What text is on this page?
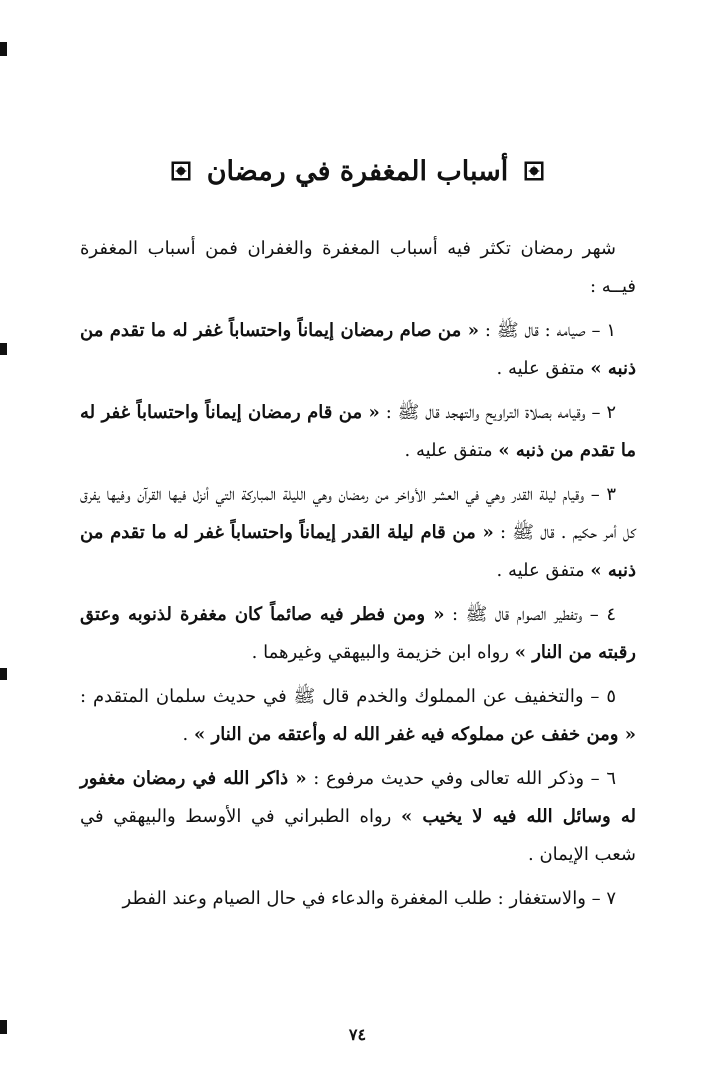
أسباب المغفرة في رمضان

شهر رمضان تكثر فيه أسباب المغفرة والغفران فمن أسباب المغفرة فيــه :

١ – صيامه : قال ﷺ : « من صام رمضان إيماناً واحتساباً غفر له ما تقدم من ذنبه » متفق عليه .

٢ – وقيامه بصلاة التراويح والتهجد قال ﷺ : « من قام رمضان إيماناً واحتساباً غفر له ما تقدم من ذنبه » متفق عليه .

٣ – وقيام ليلة القدر وهي في العشر الأواخر من رمضان وهي الليلة المباركة التي أنزل فيها القرآن وفيها يفرق كل أمر حكيم . قال ﷺ : « من قام ليلة القدر إيماناً واحتساباً غفر له ما تقدم من ذنبه » متفق عليه .

٤ – وتفطير الصوام قال ﷺ : « ومن فطر فيه صائماً كان مغفرة لذنوبه وعتق رقبته من النار » رواه ابن خزيمة والبيهقي وغيرهما .

٥ – والتخفيف عن المملوك والخدم قال ﷺ في حديث سلمان المتقدم : « ومن خفف عن مملوكه فيه غفر الله له وأعتقه من النار » .

٦ – وذكر الله تعالى وفي حديث مرفوع : « ذاكر الله في رمضان مغفور له وسائل الله فيه لا يخيب » رواه الطبراني في الأوسط والبيهقي في شعب الإيمان .

٧ – والاستغفار : طلب المغفرة والدعاء في حال الصيام وعند الفطر

٧٤
